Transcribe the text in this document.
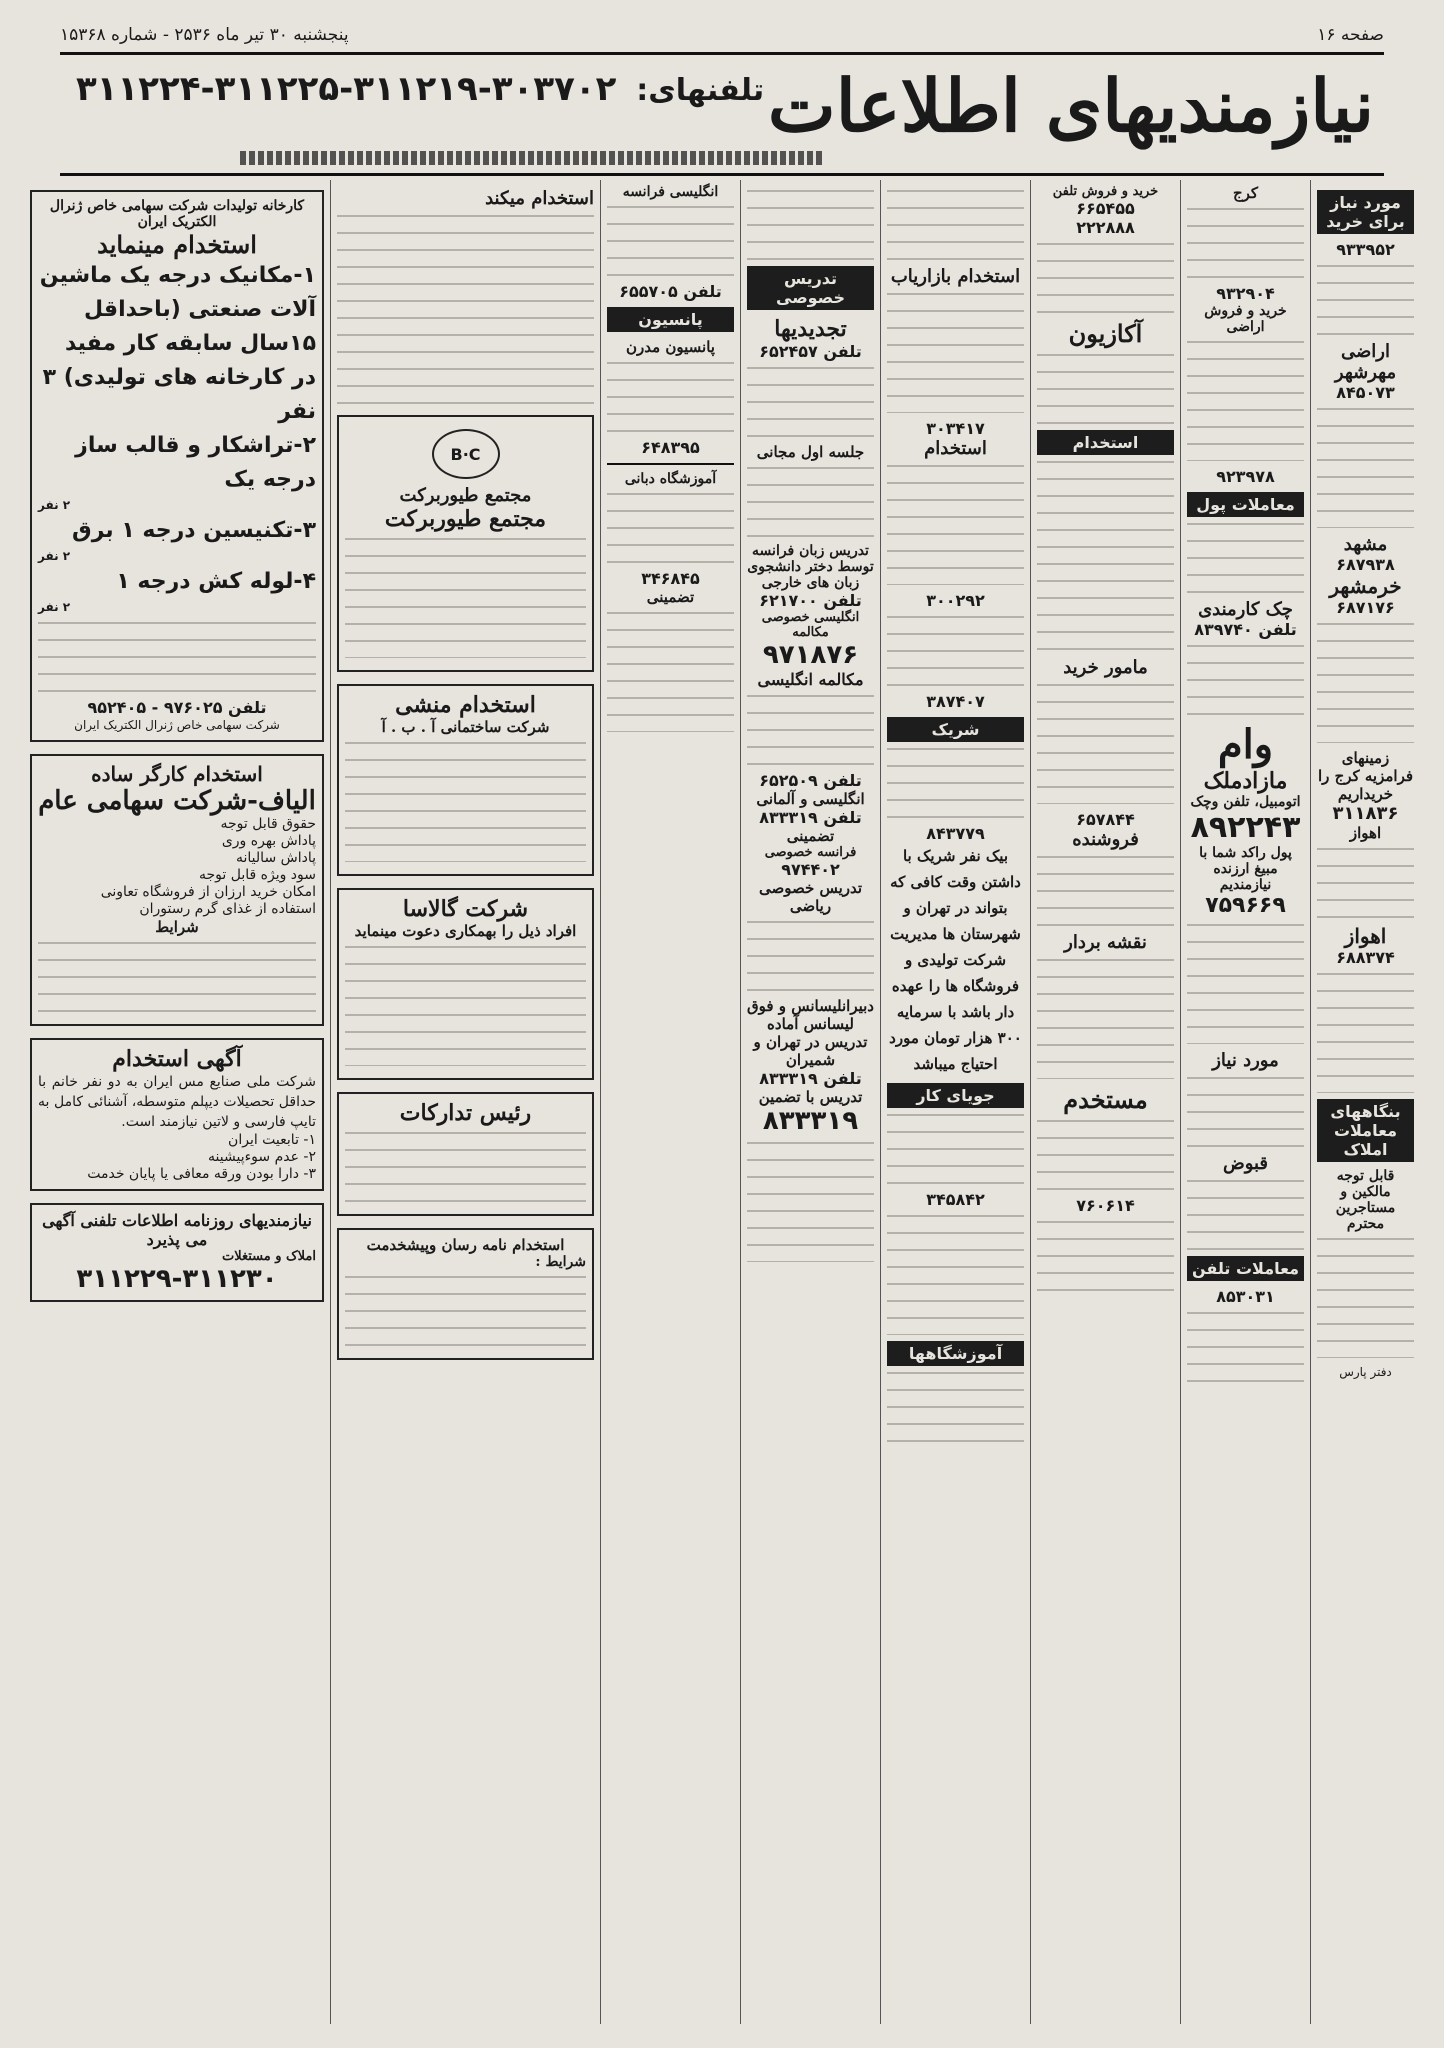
صفحه ۱۶
پنجشنبه ۳۰ تیر ماه ۲۵۳۶ - شماره ۱۵۳۶۸
نیازمندیهای اطلاعات
تلفنهای: ۳۰۳۷۰۲-۳۱۱۲۱۹-۳۱۱۲۲۵-۳۱۱۲۲۴
مورد نیاز برای خرید
۹۳۳۹۵۲
اراضی مهرشهر
۸۴۵۰۷۳
مشهد
۶۸۷۹۳۸
خرمشهر
۶۸۷۱۷۶
زمینهای فرامزیه کرج را خریداریم
۳۱۱۸۳۶
اهواز
اهواز
۶۸۸۳۷۴
بنگاههای معاملات املاک
قابل توجه مالکین و مستاجرین محترم
دفتر پارس
کرج
۹۳۲۹۰۴
خرید و فروش اراضی
۹۲۳۹۷۸
معاملات پول
چک کارمندی
تلفن ۸۳۹۷۴۰
وام
مازادملک
اتومبیل، تلفن وچک
۸۹۲۲۴۳
پول راکد شما با مبیغ ارزنده نیازمندیم
۷۵۹۶۶۹
مورد نیاز
قبوض
معاملات تلفن
۸۵۳۰۳۱
خرید و فروش تلفن
۶۶۵۴۵۵
۲۲۲۸۸۸
آکازیون
استخدام
مامور خرید
۶۵۷۸۴۴
فروشنده
نقشه بردار
مستخدم
۷۶۰۶۱۴
استخدام بازاریاب
۳۰۳۴۱۷
استخدام
۳۰۰۲۹۲
۳۸۷۴۰۷
شریک
۸۴۳۷۷۹
بیک نفر شریک با داشتن وقت کافی که بتواند در تهران و شهرستان ها مدیریت شرکت تولیدی و فروشگاه ها را عهده دار باشد با سرمایه ۳۰۰ هزار تومان مورد احتیاج میباشد
جویای کار
۳۴۵۸۴۲
آموزشگاهها
تدریس خصوصی
تجدیدیها
تلفن ۶۵۲۴۵۷
جلسه اول مجانی
تدریس زبان فرانسه توسط دختر دانشجوی زبان های خارجی
تلفن ۶۲۱۷۰۰
انگلیسی خصوصی مکالمه
۹۷۱۸۷۶
مکالمه انگلیسی
تلفن ۶۵۲۵۰۹
انگلیسی و آلمانی
تلفن ۸۳۳۳۱۹
تضمینی
فرانسه خصوصی
۹۷۴۴۰۲
تدریس خصوصی ریاضی
دبیرانلیسانس و فوق لیسانس آماده تدریس در تهران و شمیران
تلفن ۸۳۳۳۱۹
تدریس با تضمین
۸۳۳۳۱۹
انگلیسی فرانسه
تلفن ۶۵۵۷۰۵
پانسیون
پانسیون مدرن
۶۴۸۳۹۵
آموزشگاه دبانی
۳۴۶۸۴۵
تضمینی
استخدام میکند
B·C
مجتمع طیوربرکت
مجتمع طیوربرکت
استخدام منشی
شرکت ساختمانی آ . ب . آ
شرکت گالاسا
افراد ذیل را بهمکاری دعوت مینماید
رئیس تدارکات
استخدام نامه رسان وپیشخدمت
شرایط :
کارخانه تولیدات شرکت سهامی خاص ژنرال الکتریک ایران
استخدام مینماید
۱-مکانیک درجه یک ماشین آلات صنعتی (باحداقل ۱۵سال سابقه کار مفید در کارخانه های تولیدی) ۳ نفر
۲-تراشکار و قالب ساز درجه یک
۲ نفر
۳-تکنیسین درجه ۱ برق
۲ نفر
۴-لوله کش درجه ۱
۲ نفر
تلفن ۹۷۶۰۲۵ - ۹۵۲۴۰۵
شرکت سهامی خاص ژنرال الکتریک ایران
استخدام کارگر ساده
الیاف-شرکت سهامی عام
حقوق قابل توجه
پاداش بهره وری
پاداش سالیانه
سود ویژه قابل توجه
امکان خرید ارزان از فروشگاه تعاونی
استفاده از غذای گرم رستوران
شرایط
آگهی استخدام
شرکت ملی صنایع مس ایران به دو نفر خانم با حداقل تحصیلات دیپلم متوسطه، آشنائی کامل به تایپ فارسی و لاتین نیازمند است.
۱- تابعیت ایران
۲- عدم سوءپیشینه
۳- دارا بودن ورقه معافی یا پایان خدمت
نیازمندیهای روزنامه اطلاعات تلفنی آگهی می پذیرد
املاک و مستغلات
۳۱۱۲۲۹-۳۱۱۲۳۰
